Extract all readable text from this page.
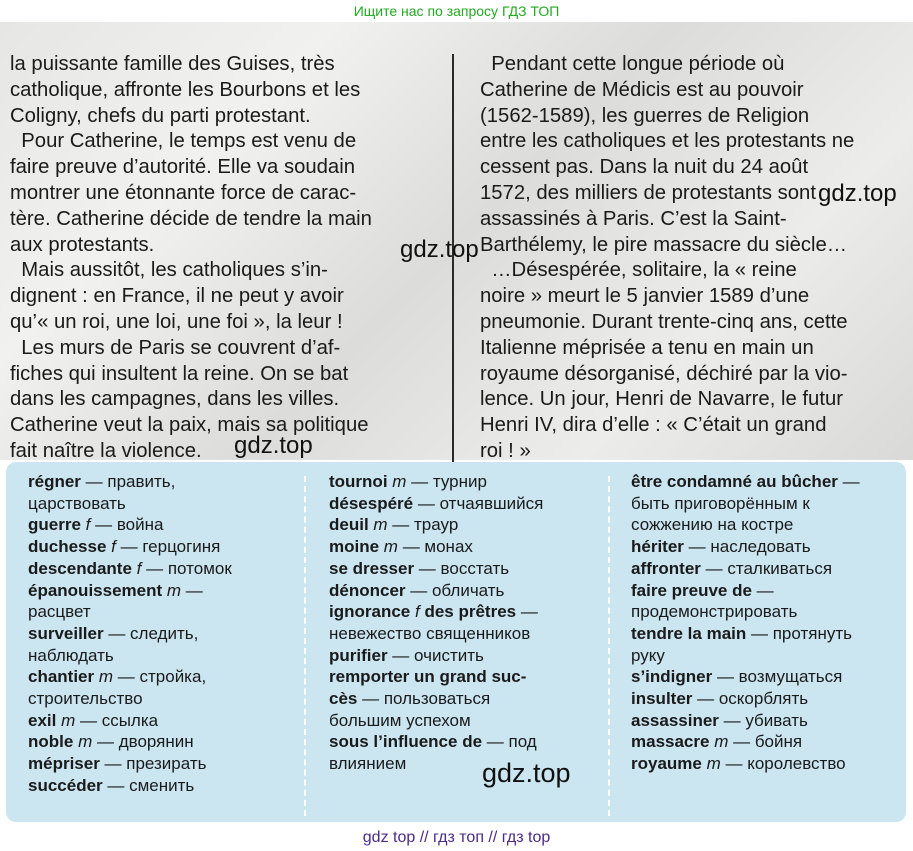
Ищите нас по запросу ГДЗ ТОП

la puissante famille des Guises, très

catholique, affronte les Bourbons et les

Coligny, chefs du parti protestant.

Pour Catherine, le temps est venu de

faire preuve d’autorité. Elle va soudain

montrer une étonnante force de carac-

tère. Catherine décide de tendre la main

aux protestants.

Mais aussitôt, les catholiques s’in-

dignent : en France, il ne peut y avoir

qu’« un roi, une loi, une foi », la leur !

Les murs de Paris se couvrent d’af-

fiches qui insultent la reine. On se bat

dans les campagnes, dans les villes.

Catherine veut la paix, mais sa politique

fait naître la violence.

Pendant cette longue période où

Catherine de Médicis est au pouvoir

(1562-1589), les guerres de Religion

entre les catholiques et les protestants ne

cessent pas. Dans la nuit du 24 août

1572, des milliers de protestants sont

assassinés à Paris. C’est la Saint-

Barthélemy, le pire massacre du siècle…

…Désespérée, solitaire, la « reine

noire » meurt le 5 janvier 1589 d’une

pneumonie. Durant trente-cinq ans, cette

Italienne méprisée a tenu en main un

royaume désorganisé, déchiré par la vio-

lence. Un jour, Henri de Navarre, le futur

Henri IV, dira d’elle : « C’était un grand

roi ! »

gdz.top
gdz.top
gdz.top
régner — править,
царствовать
guerre f — война
duchesse f — герцогиня
descendante f — потомок
épanouissement m —
расцвет
surveiller — следить,
наблюдать
chantier m — стройка,
строительство
exil m — ссылка
noble m — дворянин
mépriser — презирать
succéder — сменить
tournoi m — турнир
désespéré — отчаявшийся
deuil m — траур
moine m — монах
se dresser — восстать
dénoncer — обличать
ignorance f des prêtres —
невежество священников
purifier — очистить
remporter un grand suc-
cès — пользоваться
большим успехом
sous l’influence de — под
влиянием
être condamné au bûcher —
быть приговорённым к
сожжению на костре
hériter — наследовать
affronter — сталкиваться
faire preuve de —
продемонстрировать
tendre la main — протянуть
руку
s’indigner — возмущаться
insulter — оскорблять
assassiner — убивать
massacre m — бойня
royaume m — королевство
gdz.top
gdz top // гдз топ // гдз top
